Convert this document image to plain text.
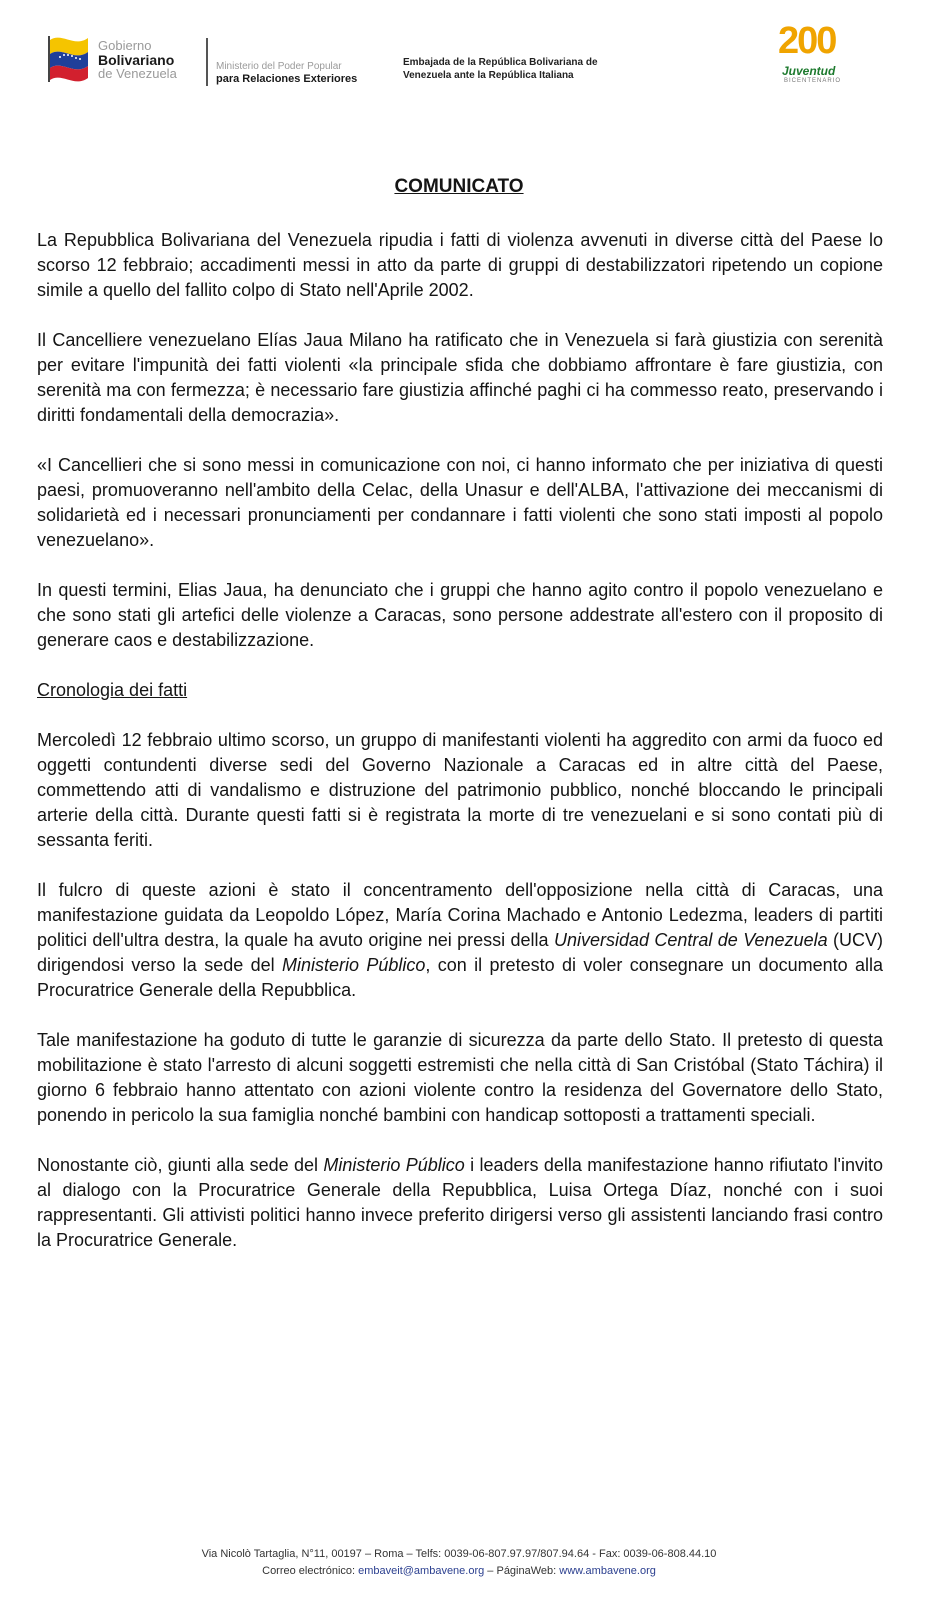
Gobierno
Bolivariano
de Venezuela	Ministerio del Poder Popular
para Relaciones Exteriores
Embajada de la República Bolivariana de
Venezuela ante la República Italiana
200
Juventud
BICENTENARIO
COMUNICATO

La Repubblica Bolivariana del Venezuela ripudia i fatti di violenza avvenuti in diverse città del Paese lo scorso 12 febbraio; accadimenti messi in atto da parte di gruppi di destabilizzatori ripetendo un copione simile a quello del fallito colpo di Stato nell'Aprile 2002.

Il Cancelliere venezuelano Elías Jaua Milano ha ratificato che in Venezuela si farà giustizia con serenità per evitare l'impunità dei fatti violenti «la principale sfida che dobbiamo affrontare è fare giustizia, con serenità ma con fermezza; è necessario fare giustizia affinché paghi ci ha commesso reato, preservando i diritti fondamentali della democrazia».

«I Cancellieri che si sono messi in comunicazione con noi, ci hanno informato che per iniziativa di questi paesi, promuoveranno nell'ambito della Celac, della Unasur e dell'ALBA, l'attivazione dei meccanismi di solidarietà ed i necessari pronunciamenti per condannare i fatti violenti che sono stati imposti al popolo venezuelano».

In questi termini, Elias Jaua, ha denunciato che i gruppi che hanno agito contro il popolo venezuelano e che sono stati gli artefici delle violenze a Caracas, sono persone addestrate all'estero con il proposito di generare caos e destabilizzazione.

Cronologia dei fatti

Mercoledì 12 febbraio ultimo scorso, un gruppo di manifestanti violenti ha aggredito con armi da fuoco ed oggetti contundenti diverse sedi del Governo Nazionale a Caracas ed in altre città del Paese, commettendo atti di vandalismo e distruzione del patrimonio pubblico, nonché bloccando le principali arterie della città. Durante questi fatti si è registrata la morte di tre venezuelani e si sono contati più di sessanta feriti.

Il fulcro di queste azioni è stato il concentramento dell'opposizione nella città di Caracas, una manifestazione guidata da Leopoldo López, María Corina Machado e Antonio Ledezma, leaders di partiti politici dell'ultra destra, la quale ha avuto origine nei pressi della Universidad Central de Venezuela (UCV) dirigendosi verso la sede del Ministerio Público, con il pretesto di voler consegnare un documento alla Procuratrice Generale della Repubblica.

Tale manifestazione ha goduto di tutte le garanzie di sicurezza da parte dello Stato. Il pretesto di questa mobilitazione è stato l'arresto di alcuni soggetti estremisti che nella città di San Cristóbal (Stato Táchira) il giorno 6 febbraio hanno attentato con azioni violente contro la residenza del Governatore dello Stato, ponendo in pericolo la sua famiglia nonché bambini con handicap sottoposti a trattamenti speciali.

Nonostante ciò, giunti alla sede del Ministerio Público i leaders della manifestazione hanno rifiutato l'invito al dialogo con la Procuratrice Generale della Repubblica, Luisa Ortega Díaz, nonché con i suoi rappresentanti. Gli attivisti politici hanno invece preferito dirigersi verso gli assistenti lanciando frasi contro la Procuratrice Generale.

Via Nicolò Tartaglia, N°11, 00197 – Roma – Telfs: 0039-06-807.97.97/807.94.64 - Fax: 0039-06-808.44.10
Correo electrónico: embaveit@ambavene.org – PáginaWeb: www.ambavene.org
